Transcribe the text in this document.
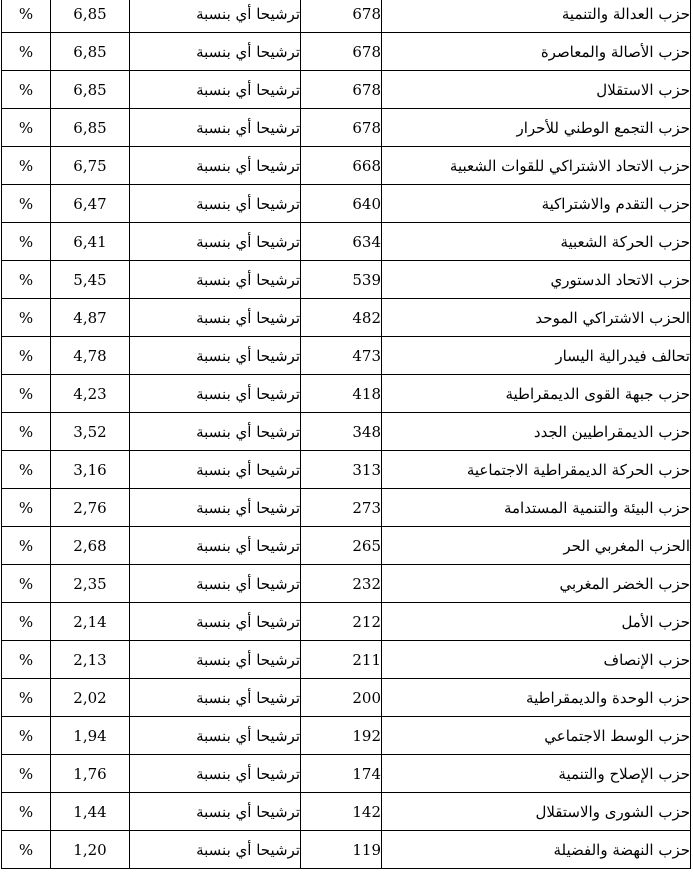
%	6,85	ترشيحا أي بنسبة	678	حزب العدالة والتنمية
%	6,85	ترشيحا أي بنسبة	678	حزب الأصالة والمعاصرة
%	6,85	ترشيحا أي بنسبة	678	حزب الاستقلال
%	6,85	ترشيحا أي بنسبة	678	حزب التجمع الوطني للأحرار
%	6,75	ترشيحا أي بنسبة	668	حزب الاتحاد الاشتراكي للقوات الشعبية
%	6,47	ترشيحا أي بنسبة	640	حزب التقدم والاشتراكية
%	6,41	ترشيحا أي بنسبة	634	حزب الحركة الشعبية
%	5,45	ترشيحا أي بنسبة	539	حزب الاتحاد الدستوري
%	4,87	ترشيحا أي بنسبة	482	الحزب الاشتراكي الموحد
%	4,78	ترشيحا أي بنسبة	473	تحالف فيدرالية اليسار
%	4,23	ترشيحا أي بنسبة	418	حزب جبهة القوى الديمقراطية
%	3,52	ترشيحا أي بنسبة	348	حزب الديمقراطيين الجدد
%	3,16	ترشيحا أي بنسبة	313	حزب الحركة الديمقراطية الاجتماعية
%	2,76	ترشيحا أي بنسبة	273	حزب البيئة والتنمية المستدامة
%	2,68	ترشيحا أي بنسبة	265	الحزب المغربي الحر
%	2,35	ترشيحا أي بنسبة	232	حزب الخضر المغربي
%	2,14	ترشيحا أي بنسبة	212	حزب الأمل
%	2,13	ترشيحا أي بنسبة	211	حزب الإنصاف
%	2,02	ترشيحا أي بنسبة	200	حزب الوحدة والديمقراطية
%	1,94	ترشيحا أي بنسبة	192	حزب الوسط الاجتماعي
%	1,76	ترشيحا أي بنسبة	174	حزب الإصلاح والتنمية
%	1,44	ترشيحا أي بنسبة	142	حزب الشورى والاستقلال
%	1,20	ترشيحا أي بنسبة	119	حزب النهضة والفضيلة
